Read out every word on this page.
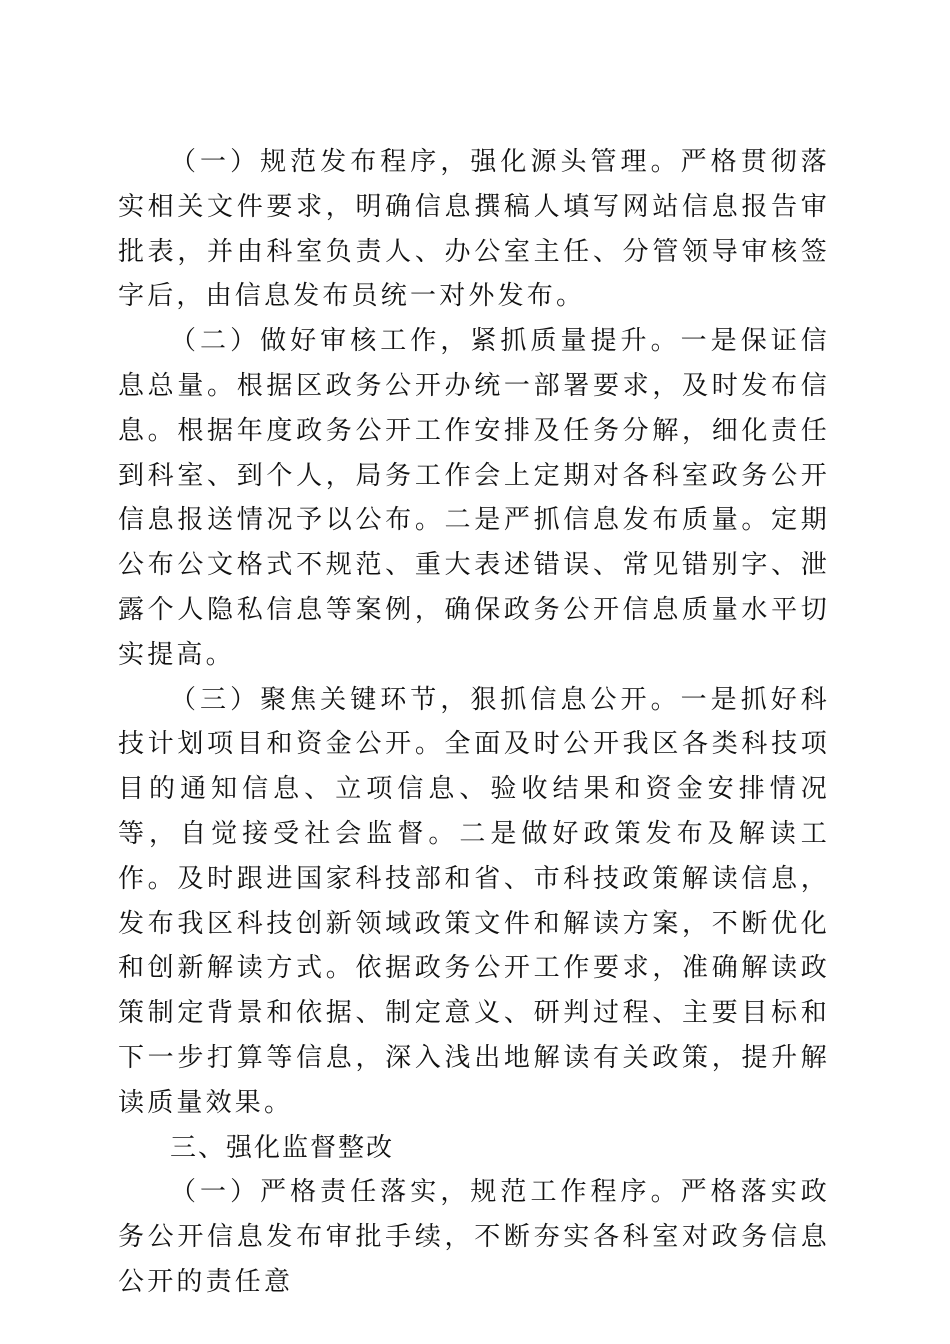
（一）规范发布程序，强化源头管理。严格贯彻落实相关文件要求，明确信息撰稿人填写网站信息报告审批表，并由科室负责人、办公室主任、分管领导审核签字后，由信息发布员统一对外发布。

（二）做好审核工作，紧抓质量提升。一是保证信息总量。根据区政务公开办统一部署要求，及时发布信息。根据年度政务公开工作安排及任务分解，细化责任到科室、到个人，局务工作会上定期对各科室政务公开信息报送情况予以公布。二是严抓信息发布质量。定期公布公文格式不规范、重大表述错误、常见错别字、泄露个人隐私信息等案例，确保政务公开信息质量水平切实提高。

（三）聚焦关键环节，狠抓信息公开。一是抓好科技计划项目和资金公开。全面及时公开我区各类科技项目的通知信息、立项信息、验收结果和资金安排情况等，自觉接受社会监督。二是做好政策发布及解读工作。及时跟进国家科技部和省、市科技政策解读信息，发布我区科技创新领域政策文件和解读方案，不断优化和创新解读方式。依据政务公开工作要求，准确解读政策制定背景和依据、制定意义、研判过程、主要目标和下一步打算等信息，深入浅出地解读有关政策，提升解读质量效果。

三、强化监督整改

（一）严格责任落实，规范工作程序。严格落实政务公开信息发布审批手续，不断夯实各科室对政务信息公开的责任意
